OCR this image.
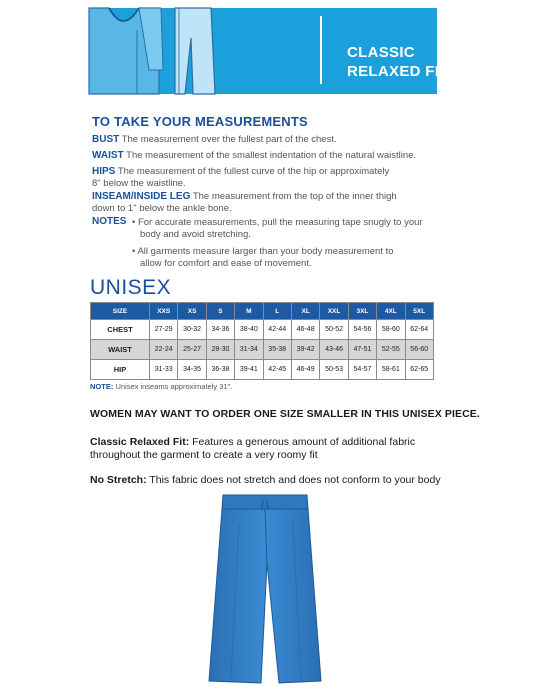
CLASSIC
RELAXED FIT
TO TAKE YOUR MEASUREMENTS
BUST The measurement over the fullest part of the chest.
WAIST The measurement of the smallest indentation of the natural waistline.
HIPS The measurement of the fullest curve of the hip or approximately
8" below the waistline.
INSEAM/INSIDE LEG The measurement from the top of the inner thigh
down to 1" below the ankle bone.
NOTES • For accurate measurements, pull the measuring tape snugly to your
body and avoid stretching.
• All garments measure larger than your body measurement to
allow for comfort and ease of movement.
UNISEX
SIZE	XXS	XS	S	M	L	XL	XXL	3XL	4XL	5XL
CHEST	27-29	30-32	34-36	38-40	42-44	46-48	50-52	54-56	58-60	62-64
WAIST	22-24	25-27	28-30	31-34	35-38	39-42	43-46	47-51	52-55	56-60
HIP	31-33	34-35	36-38	39-41	42-45	46-49	50-53	54-57	58-61	62-65
NOTE: Unisex inseams approximately 31".
WOMEN MAY WANT TO ORDER ONE SIZE SMALLER IN THIS UNISEX PIECE.
Classic Relaxed Fit: Features a generous amount of additional fabric
throughout the garment to create a very roomy fit
No Stretch: This fabric does not stretch and does not conform to your body
